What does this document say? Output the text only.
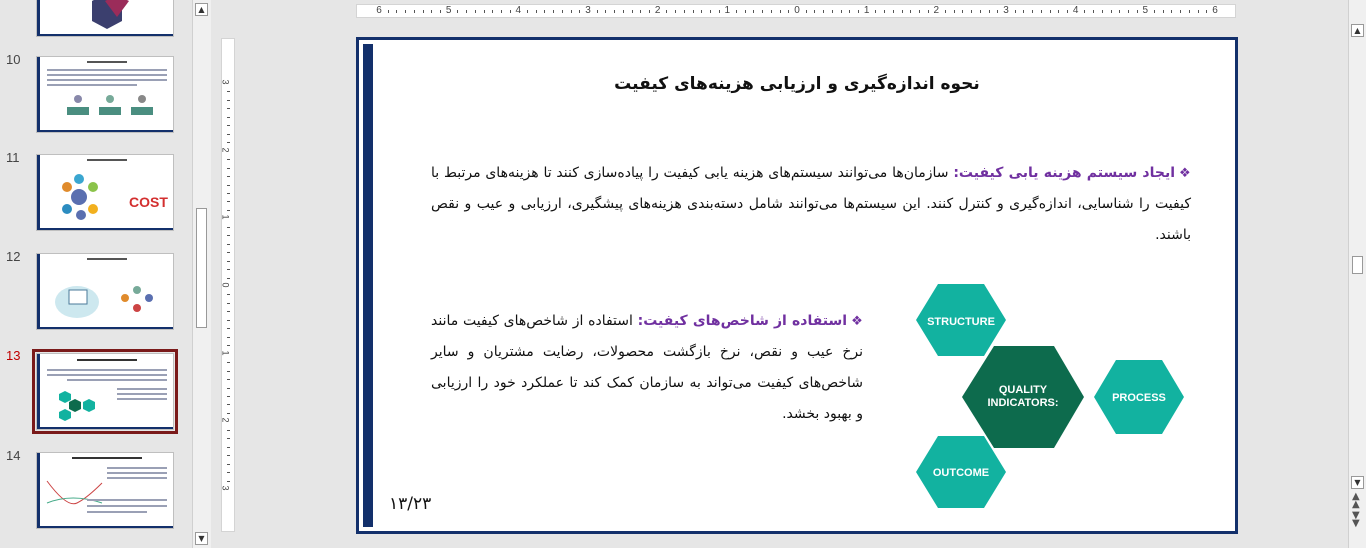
10
11
COST
12
13
14
▲
▼
6	5	4	3	2	1	0	1	2	3	4	5	6
3
2
1
0
1
2
3
نحوه اندازه‌گیری و ارزیابی هزینه‌های کیفیت
❖ایجاد سیستم هزینه یابی کیفیت: سازمان‌ها می‌توانند سیستم‌های هزینه یابی کیفیت را پیاده‌سازی کنند تا هزینه‌های مرتبط با کیفیت را شناسایی، اندازه‌گیری و کنترل کنند. این سیستم‌ها می‌توانند شامل دسته‌بندی هزینه‌های پیشگیری، ارزیابی و عیب و نقص باشند.
❖استفاده از شاخص‌های کیفیت: استفاده از شاخص‌های کیفیت مانند نرخ عیب و نقص، نرخ بازگشت محصولات، رضایت مشتریان و سایر شاخص‌های کیفیت می‌تواند به سازمان کمک کند تا عملکرد خود را ارزیابی و بهبود بخشد.
STRUCTURE
QUALITY
INDICATORS:	PROCESS
OUTCOME
۱۳/۲۳
▲
▼
▲
▲
▼
▼
